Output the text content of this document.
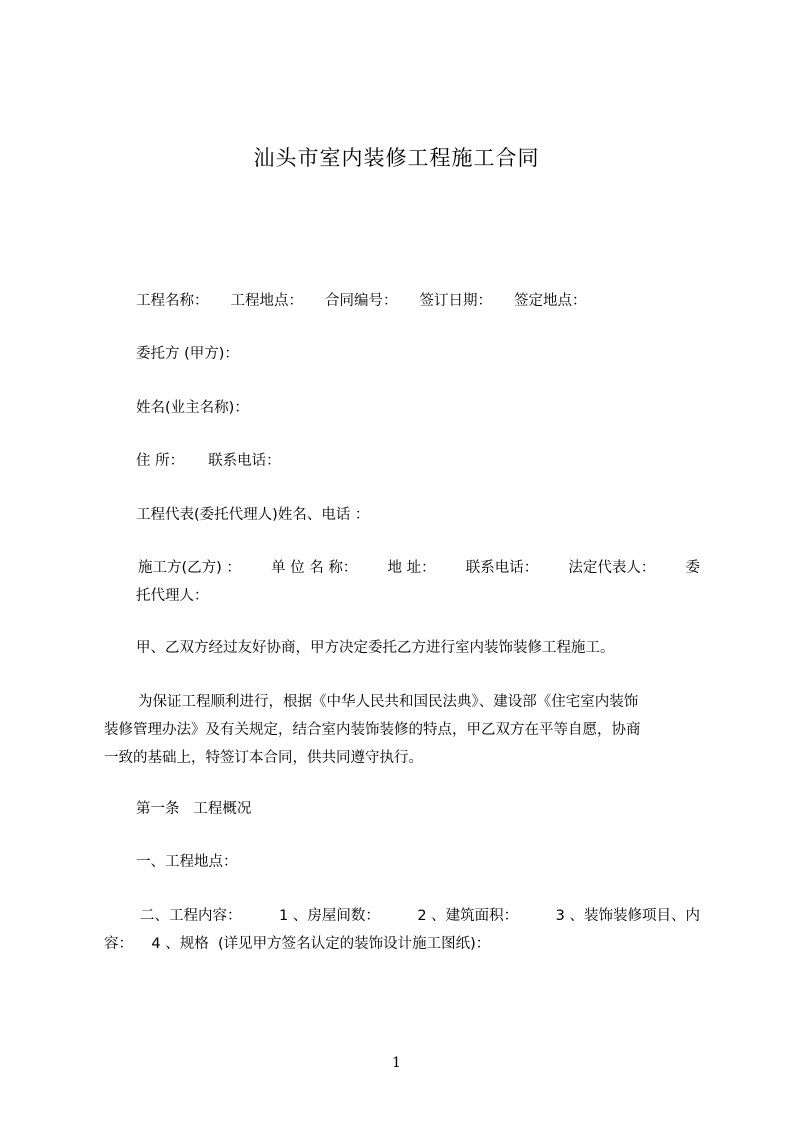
汕头市室内装修工程施工合同
工程名称： 工程地点： 合同编号： 签订日期： 签定地点：
委托方 (甲方)：
姓名(业主名称)：
住 所： 联系电话：
工程代表(委托代理人)姓名、电话 ：
施工方(乙方) ： 单 位 名 称： 地 址： 联系电话： 法定代表人： 委
托代理人：
甲、乙双方经过友好协商，甲方决定委托乙方进行室内装饰装修工程施工。
为保证工程顺利进行，根据《中华人民共和国民法典》、建设部《住宅室内装饰
装修管理办法》及有关规定，结合室内装饰装修的特点，甲乙双方在平等自愿，协商
一致的基础上，特签订本合同，供共同遵守执行。
第一条   工程概况
一、工程地点：
二、工程内容：	1 、房屋间数：	2 、建筑面积：	3 、装饰装修项目、内
容：    4 、规格  (详见甲方签名认定的装饰设计施工图纸)：
1
